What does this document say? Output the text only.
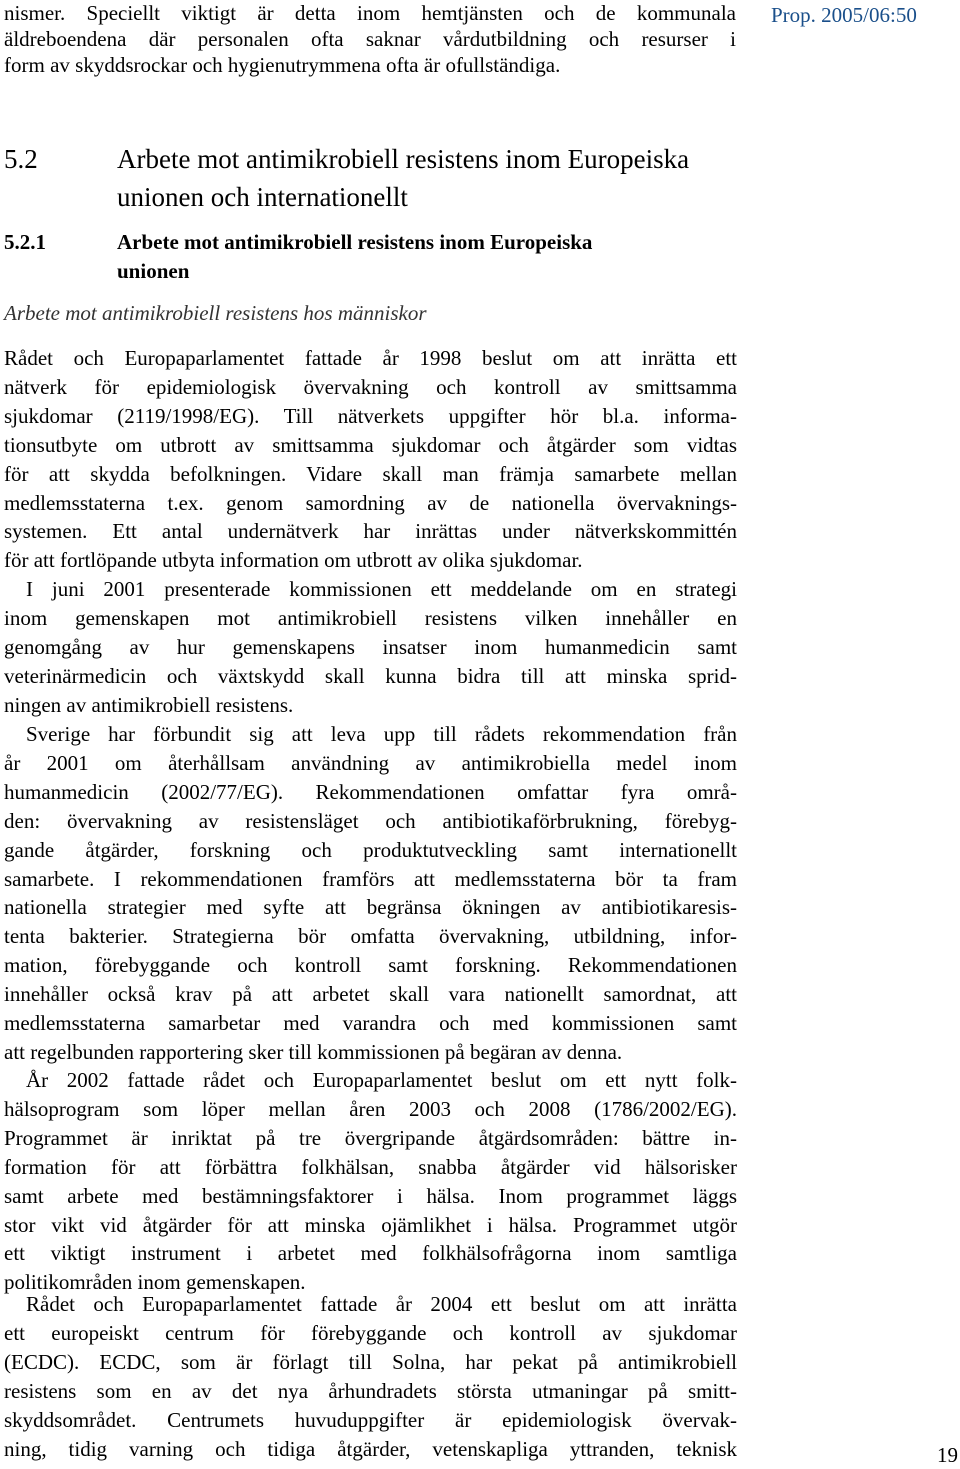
nismer. Speciellt viktigt är detta inom hemtjänsten och de kommunala
äldreboendena där personalen ofta saknar vårdutbildning och resurser i
form av skyddsrockar och hygienutrymmena ofta är ofullständiga.
Prop. 2005/06:50
5.2	Arbete mot antimikrobiell resistens inom Europeiska
unionen och internationellt
5.2.1	Arbete mot antimikrobiell resistens inom Europeiska
unionen
Arbete mot antimikrobiell resistens hos människor
Rådet och Europaparlamentet fattade år 1998 beslut om att inrätta ett
nätverk för epidemiologisk övervakning och kontroll av smittsamma
sjukdomar (2119/1998/EG). Till nätverkets uppgifter hör bl.a. informa-
tionsutbyte om utbrott av smittsamma sjukdomar och åtgärder som vidtas
för att skydda befolkningen. Vidare skall man främja samarbete mellan
medlemsstaterna t.ex. genom samordning av de nationella övervaknings-
systemen. Ett antal undernätverk har inrättas under nätverkskommittén
för att fortlöpande utbyta information om utbrott av olika sjukdomar.
I juni 2001 presenterade kommissionen ett meddelande om en strategi
inom gemenskapen mot antimikrobiell resistens vilken innehåller en
genomgång av hur gemenskapens insatser inom humanmedicin samt
veterinärmedicin och växtskydd skall kunna bidra till att minska sprid-
ningen av antimikrobiell resistens.
Sverige har förbundit sig att leva upp till rådets rekommendation från
år 2001 om återhållsam användning av antimikrobiella medel inom
humanmedicin (2002/77/EG). Rekommendationen omfattar fyra områ-
den: övervakning av resistensläget och antibiotikaförbrukning, förebyg-
gande åtgärder, forskning och produktutveckling samt internationellt
samarbete. I rekommendationen framförs att medlemsstaterna bör ta fram
nationella strategier med syfte att begränsa ökningen av antibiotikaresis-
tenta bakterier. Strategierna bör omfatta övervakning, utbildning, infor-
mation, förebyggande och kontroll samt forskning. Rekommendationen
innehåller också krav på att arbetet skall vara nationellt samordnat, att
medlemsstaterna samarbetar med varandra och med kommissionen samt
att regelbunden rapportering sker till kommissionen på begäran av denna.
År 2002 fattade rådet och Europaparlamentet beslut om ett nytt folk-
hälsoprogram som löper mellan åren 2003 och 2008 (1786/2002/EG).
Programmet är inriktat på tre övergripande åtgärdsområden: bättre in-
formation för att förbättra folkhälsan, snabba åtgärder vid hälsorisker
samt arbete med bestämningsfaktorer i hälsa. Inom programmet läggs
stor vikt vid åtgärder för att minska ojämlikhet i hälsa. Programmet utgör
ett viktigt instrument i arbetet med folkhälsofrågorna inom samtliga
politikområden inom gemenskapen.
Rådet och Europaparlamentet fattade år 2004 ett beslut om att inrätta
ett europeiskt centrum för förebyggande och kontroll av sjukdomar
(ECDC). ECDC, som är förlagt till Solna, har pekat på antimikrobiell
resistens som en av det nya århundradets största utmaningar på smitt-
skyddsområdet. Centrumets huvuduppgifter är epidemiologisk övervak-
ning, tidig varning och tidiga åtgärder, vetenskapliga yttranden, teknisk	19
